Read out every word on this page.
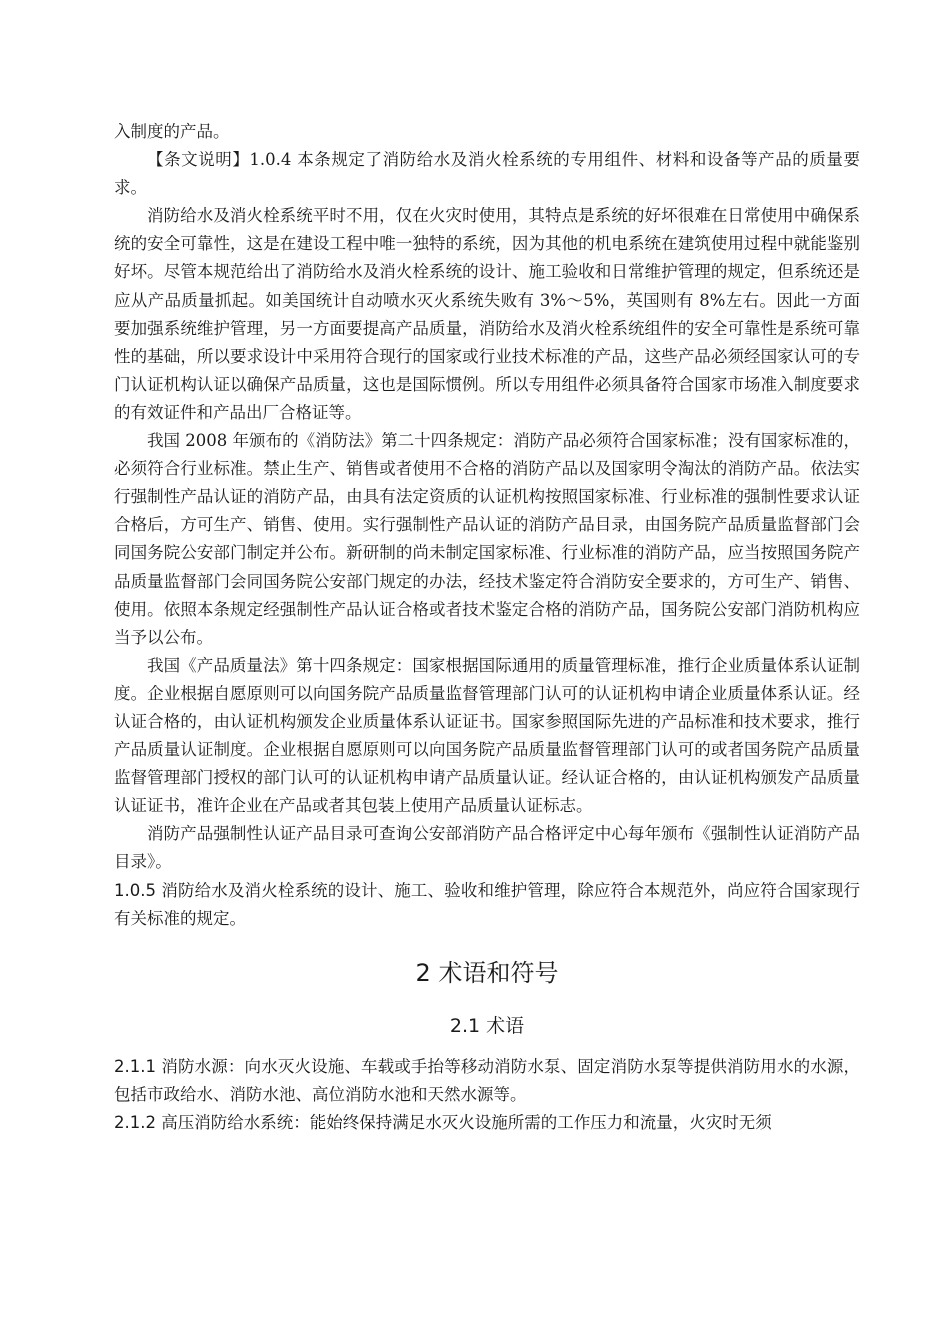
入制度的产品。

【条文说明】1.0.4 本条规定了消防给水及消火栓系统的专用组件、材料和设备等产品的质量要求。

消防给水及消火栓系统平时不用，仅在火灾时使用，其特点是系统的好坏很难在日常使用中确保系统的安全可靠性，这是在建设工程中唯一独特的系统，因为其他的机电系统在建筑使用过程中就能鉴别好坏。尽管本规范给出了消防给水及消火栓系统的设计、施工验收和日常维护管理的规定，但系统还是应从产品质量抓起。如美国统计自动喷水灭火系统失败有 3%～5%，英国则有 8%左右。因此一方面要加强系统维护管理，另一方面要提高产品质量，消防给水及消火栓系统组件的安全可靠性是系统可靠性的基础，所以要求设计中采用符合现行的国家或行业技术标准的产品，这些产品必须经国家认可的专门认证机构认证以确保产品质量，这也是国际惯例。所以专用组件必须具备符合国家市场准入制度要求的有效证件和产品出厂合格证等。

我国 2008 年颁布的《消防法》第二十四条规定：消防产品必须符合国家标准；没有国家标准的，必须符合行业标准。禁止生产、销售或者使用不合格的消防产品以及国家明令淘汰的消防产品。依法实行强制性产品认证的消防产品，由具有法定资质的认证机构按照国家标准、行业标准的强制性要求认证合格后，方可生产、销售、使用。实行强制性产品认证的消防产品目录，由国务院产品质量监督部门会同国务院公安部门制定并公布。新研制的尚未制定国家标准、行业标准的消防产品，应当按照国务院产品质量监督部门会同国务院公安部门规定的办法，经技术鉴定符合消防安全要求的，方可生产、销售、使用。依照本条规定经强制性产品认证合格或者技术鉴定合格的消防产品，国务院公安部门消防机构应当予以公布。

我国《产品质量法》第十四条规定：国家根据国际通用的质量管理标准，推行企业质量体系认证制度。企业根据自愿原则可以向国务院产品质量监督管理部门认可的认证机构申请企业质量体系认证。经认证合格的，由认证机构颁发企业质量体系认证证书。国家参照国际先进的产品标准和技术要求，推行产品质量认证制度。企业根据自愿原则可以向国务院产品质量监督管理部门认可的或者国务院产品质量监督管理部门授权的部门认可的认证机构申请产品质量认证。经认证合格的，由认证机构颁发产品质量认证证书，准许企业在产品或者其包装上使用产品质量认证标志。

消防产品强制性认证产品目录可查询公安部消防产品合格评定中心每年颁布《强制性认证消防产品目录》。

1.0.5 消防给水及消火栓系统的设计、施工、验收和维护管理，除应符合本规范外，尚应符合国家现行有关标准的规定。

2 术语和符号
2.1 术语

2.1.1 消防水源：向水灭火设施、车载或手抬等移动消防水泵、固定消防水泵等提供消防用水的水源，包括市政给水、消防水池、高位消防水池和天然水源等。

2.1.2 高压消防给水系统：能始终保持满足水灭火设施所需的工作压力和流量，火灾时无须
